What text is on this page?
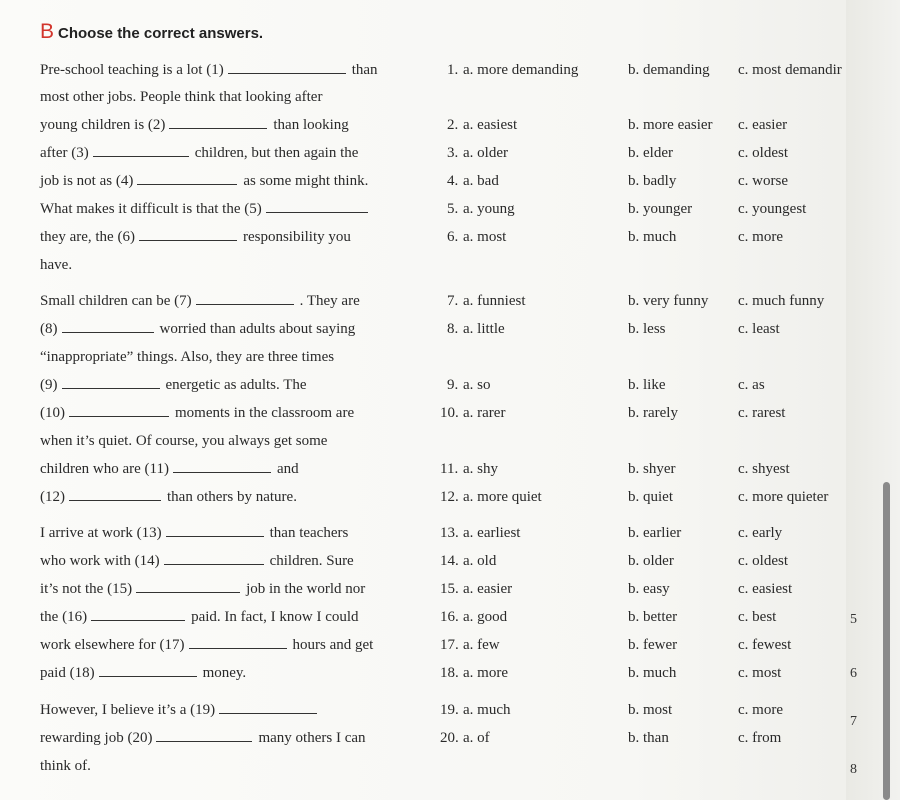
5
6
7
8
B Choose the correct answers.
Pre-school teaching is a lot (1)	than
most other jobs. People think that looking after
young children is (2)	than looking
after (3)	children, but then again the
job is not as (4)	as some might think.
What makes it difficult is that the (5)
they are, the (6)	responsibility you
have.
Small children can be (7)	. They are
(8)	worried than adults about saying
“inappropriate” things. Also, they are three times
(9)	energetic as adults. The
(10)	moments in the classroom are
when it’s quiet. Of course, you always get some
children who are (11)	and
(12)	than others by nature.
I arrive at work (13)	than teachers
who work with (14)	children. Sure
it’s not the (15)	job in the world nor
the (16)	paid. In fact, I know I could
work elsewhere for (17)	hours and get
paid (18)	money.
However, I believe it’s a (19)
rewarding job (20)	many others I can
think of.
1. a. more demanding	b. demanding c. most demandir
2. a. easiest	b. more easier c. easier
3. a. older	b. elder	c. oldest
4. a. bad	b. badly	c. worse
5. a. young	b. younger	c. youngest
6. a. most	b. much	c. more
7. a. funniest	b. very funny c. much funny
8. a. little	b. less	c. least
9. a. so	b. like	c. as
10. a. rarer	b. rarely	c. rarest
11. a. shy	b. shyer	c. shyest
12. a. more quiet	b. quiet	c. more quieter
13. a. earliest	b. earlier	c. early
14. a. old	b. older	c. oldest
15. a. easier	b. easy	c. easiest
16. a. good	b. better	c. best
17. a. few	b. fewer	c. fewest
18. a. more	b. much	c. most
19. a. much	b. most	c. more
20. a. of	b. than	c. from
